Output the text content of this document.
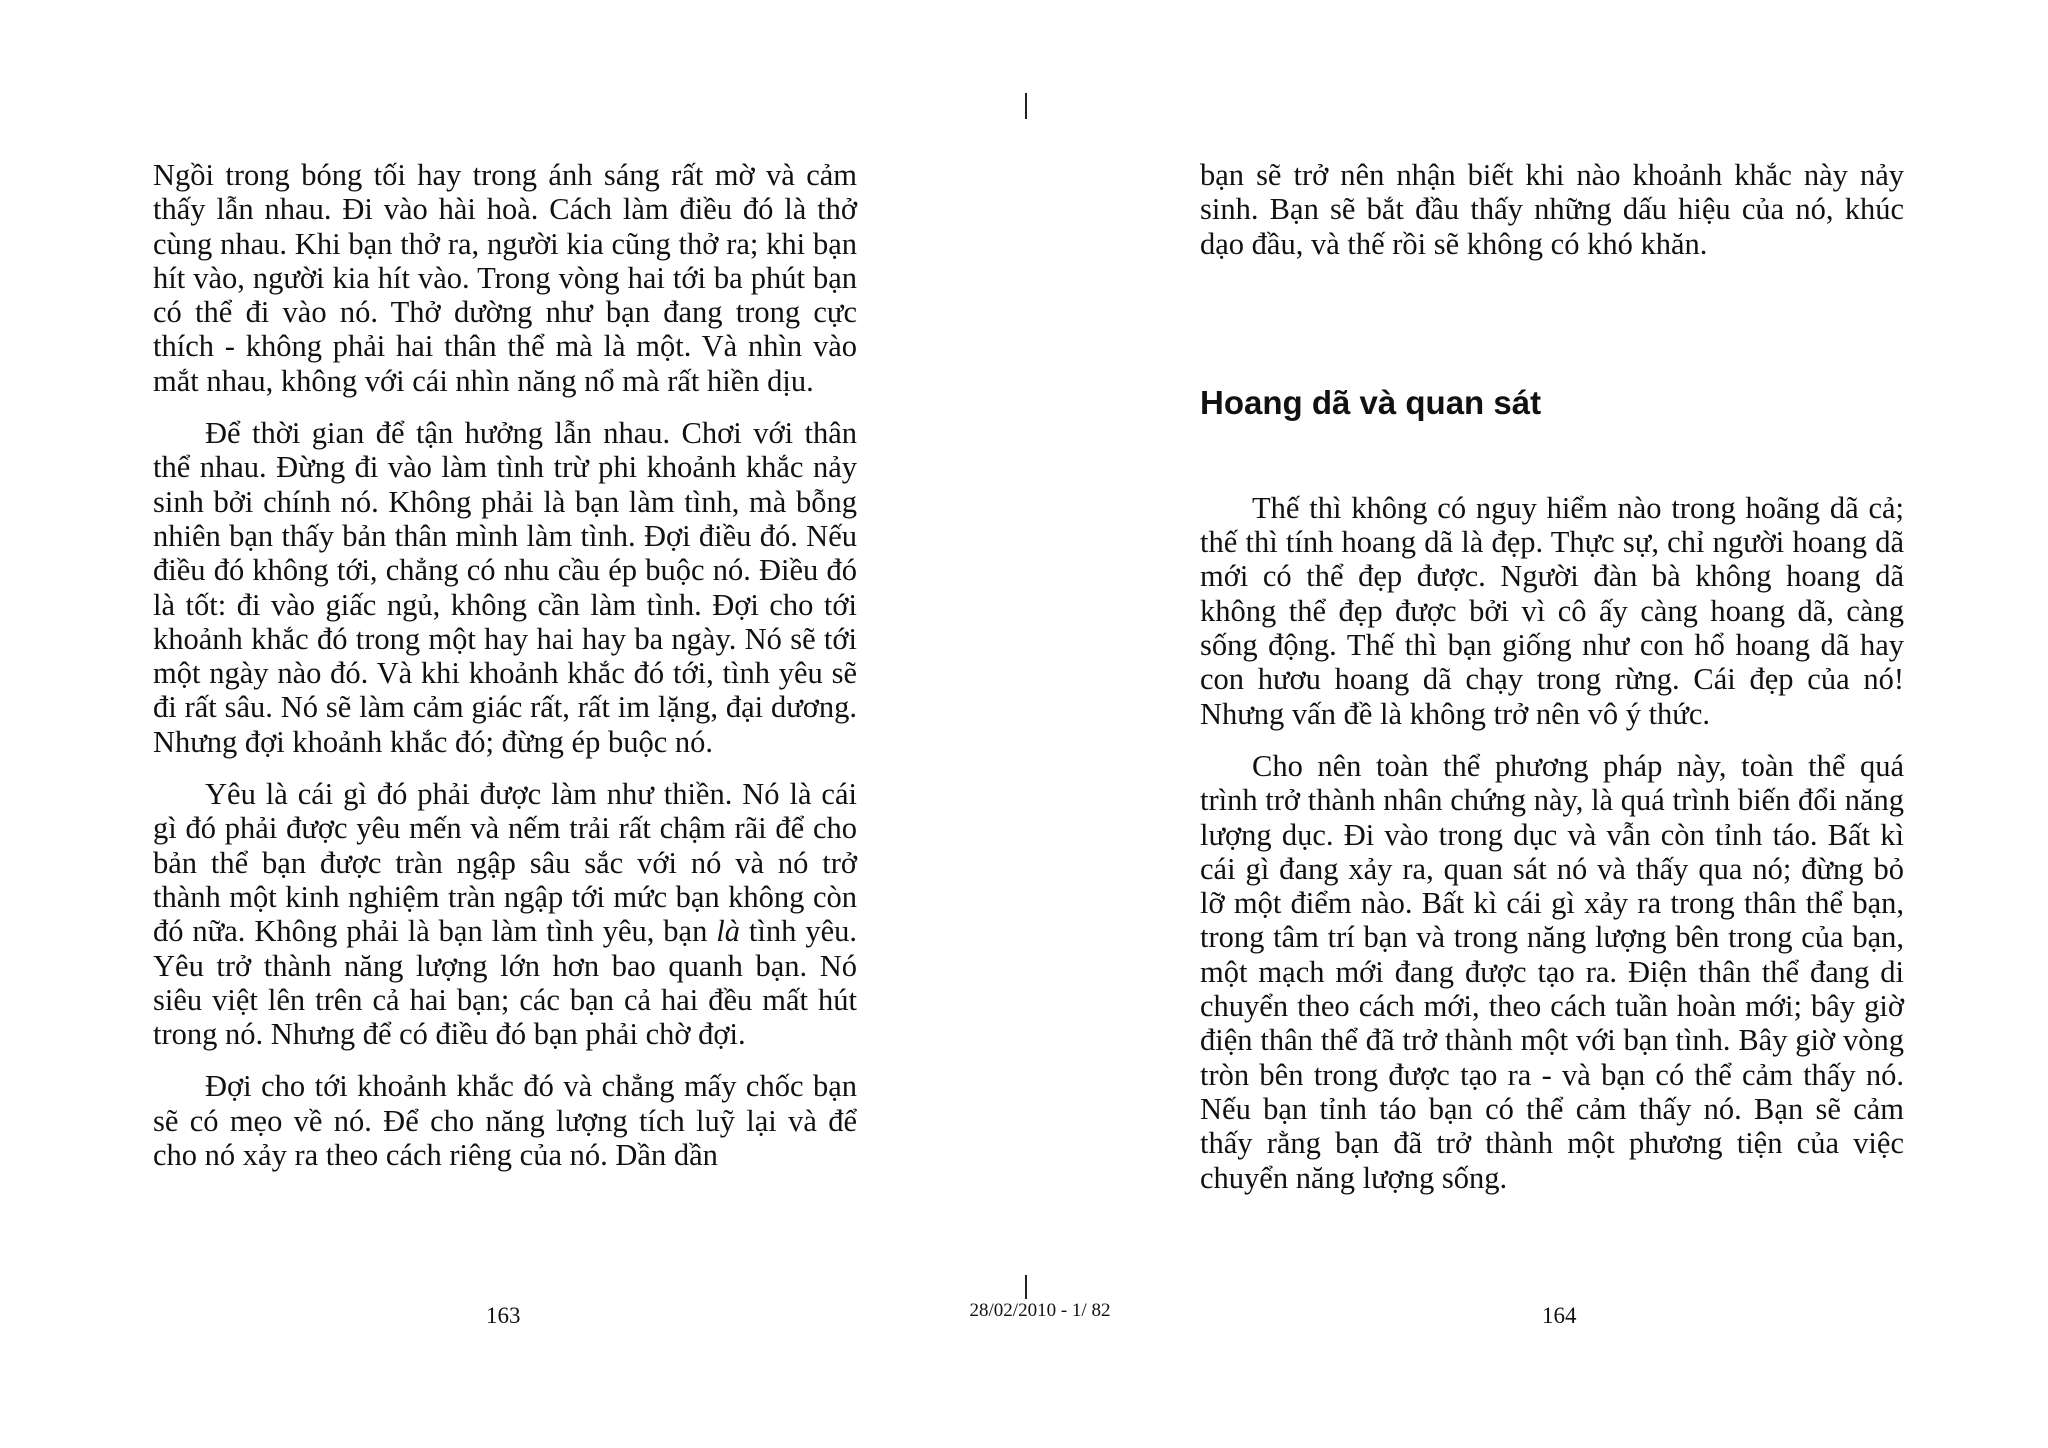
Ngồi trong bóng tối hay trong ánh sáng rất mờ và cảm thấy lẫn nhau. Đi vào hài hoà. Cách làm điều đó là thở cùng nhau. Khi bạn thở ra, người kia cũng thở ra; khi bạn hít vào, người kia hít vào. Trong vòng hai tới ba phút bạn có thể đi vào nó. Thở dường như bạn đang trong cực thích - không phải hai thân thể mà là một. Và nhìn vào mắt nhau, không với cái nhìn năng nổ mà rất hiền dịu.

Để thời gian để tận hưởng lẫn nhau. Chơi với thân thể nhau. Đừng đi vào làm tình trừ phi khoảnh khắc nảy sinh bởi chính nó. Không phải là bạn làm tình, mà bỗng nhiên bạn thấy bản thân mình làm tình. Đợi điều đó. Nếu điều đó không tới, chẳng có nhu cầu ép buộc nó. Điều đó là tốt: đi vào giấc ngủ, không cần làm tình. Đợi cho tới khoảnh khắc đó trong một hay hai hay ba ngày. Nó sẽ tới một ngày nào đó. Và khi khoảnh khắc đó tới, tình yêu sẽ đi rất sâu. Nó sẽ làm cảm giác rất, rất im lặng, đại dương. Nhưng đợi khoảnh khắc đó; đừng ép buộc nó.

Yêu là cái gì đó phải được làm như thiền. Nó là cái gì đó phải được yêu mến và nếm trải rất chậm rãi để cho bản thể bạn được tràn ngập sâu sắc với nó và nó trở thành một kinh nghiệm tràn ngập tới mức bạn không còn đó nữa. Không phải là bạn làm tình yêu, bạn là tình yêu. Yêu trở thành năng lượng lớn hơn bao quanh bạn. Nó siêu việt lên trên cả hai bạn; các bạn cả hai đều mất hút trong nó. Nhưng để có điều đó bạn phải chờ đợi.

Đợi cho tới khoảnh khắc đó và chẳng mấy chốc bạn sẽ có mẹo về nó. Để cho năng lượng tích luỹ lại và để cho nó xảy ra theo cách riêng của nó. Dần dần

163	28/02/2010 - 1/ 82

bạn sẽ trở nên nhận biết khi nào khoảnh khắc này nảy sinh. Bạn sẽ bắt đầu thấy những dấu hiệu của nó, khúc dạo đầu, và thế rồi sẽ không có khó khăn.

Hoang dã và quan sát

Thế thì không có nguy hiểm nào trong hoãng dã cả; thế thì tính hoang dã là đẹp. Thực sự, chỉ người hoang dã mới có thể đẹp được. Người đàn bà không hoang dã không thể đẹp được bởi vì cô ấy càng hoang dã, càng sống động. Thế thì bạn giống như con hổ hoang dã hay con hươu hoang dã chạy trong rừng. Cái đẹp của nó! Nhưng vấn đề là không trở nên vô ý thức.

Cho nên toàn thể phương pháp này, toàn thể quá trình trở thành nhân chứng này, là quá trình biến đổi năng lượng dục. Đi vào trong dục và vẫn còn tỉnh táo. Bất kì cái gì đang xảy ra, quan sát nó và thấy qua nó; đừng bỏ lỡ một điểm nào. Bất kì cái gì xảy ra trong thân thể bạn, trong tâm trí bạn và trong năng lượng bên trong của bạn, một mạch mới đang được tạo ra. Điện thân thể đang di chuyển theo cách mới, theo cách tuần hoàn mới; bây giờ điện thân thể đã trở thành một với bạn tình. Bây giờ vòng tròn bên trong được tạo ra - và bạn có thể cảm thấy nó. Nếu bạn tỉnh táo bạn có thể cảm thấy nó. Bạn sẽ cảm thấy rằng bạn đã trở thành một phương tiện của việc chuyển năng lượng sống.

164
